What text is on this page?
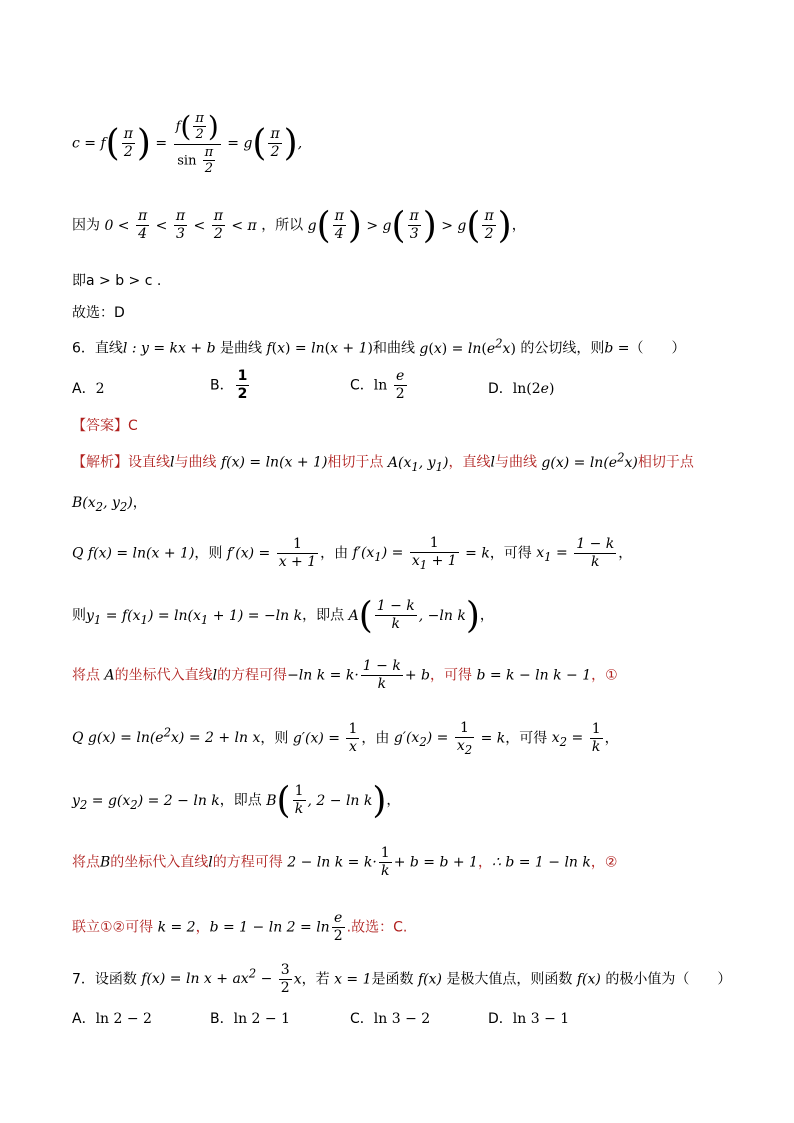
$c = f( \frac{\pi}{2}$ ) = $\frac{f( \frac{\pi}{2} )}{\sin \frac{\pi}{2}} = g( \frac{\pi}{2}$ ),
因为 $0 < \frac{\pi}{4} < \frac{\pi}{3} < \frac{\pi}{2} < \pi$ ，所以 $g( \frac{\pi}{4}$ ) > $g( \frac{\pi}{3}$ ) > $g( \frac{\pi}{2}$ )，
即a > b > c .
故选：D
6．直线l : y = kx + b 是曲线 f(x) = ln(x + 1)和曲线 $g(x) = \ln(e^2x)$ 的公切线，则b =（　　）
A．2	B． $\frac{1}{2}$	C．$\ln \frac{e}{2}$	D．ln(2e)
【答案】C
【解析】设直线l与曲线 f(x) = ln(x + 1)相切于点 $A(x_1$, $y_1$)，直线l与曲线 $g(x) = \ln(e^2x)$相切于点
$B(x_2$, $y_2$)，
Q f(x) = ln(x + 1)，则 $f'(x) = \frac{1}{x + 1}$ ，由 $f'(x_1) = \frac{1}{x_1 + 1} = k$，可得 $x_1 = \frac{1 - k}{k}$ ，
则$y_1 = f(x_1) = \ln(x_1 + 1) = -\ln$ k，即点 $A( \frac{1 - k}{k}$ , −ln k)，
将点 A的坐标代入直线l的方程可得−ln $k = k\cdot \frac{1 - k}{k} + b$，可得 b = k − ln k − 1，①
Q $g(x) = \ln(e^2x) = 2 + \ln x$，则 $g'(x) = \frac{1}{x}$ ，由 $g'(x_2) = \frac{1}{x_2} = k$，可得 $x_2 = \frac{1}{k}$ ，
$y_2 = g(x_2) = 2 - \ln k$，即点 $B( \frac{1}{k}$ , 2 − ln k)，
将点B的坐标代入直线l的方程可得 $2 - \ln k = k\cdot \frac{1}{k} + b = b + 1$，∴ b = 1 − ln k，②
联立①②可得 k = 2，$b = 1 - \ln 2 = \ln \frac{e}{2}$ .故选：C.
7．设函数 $f(x) = \ln x + ax^2 - \frac{3}{2}$ x，若 x = 1是函数 f(x) 是极大值点，则函数 f(x) 的极小值为（　　）
A．ln 2 − 2	B．ln 2 − 1	C．ln 3 − 2	D．ln 3 − 1
